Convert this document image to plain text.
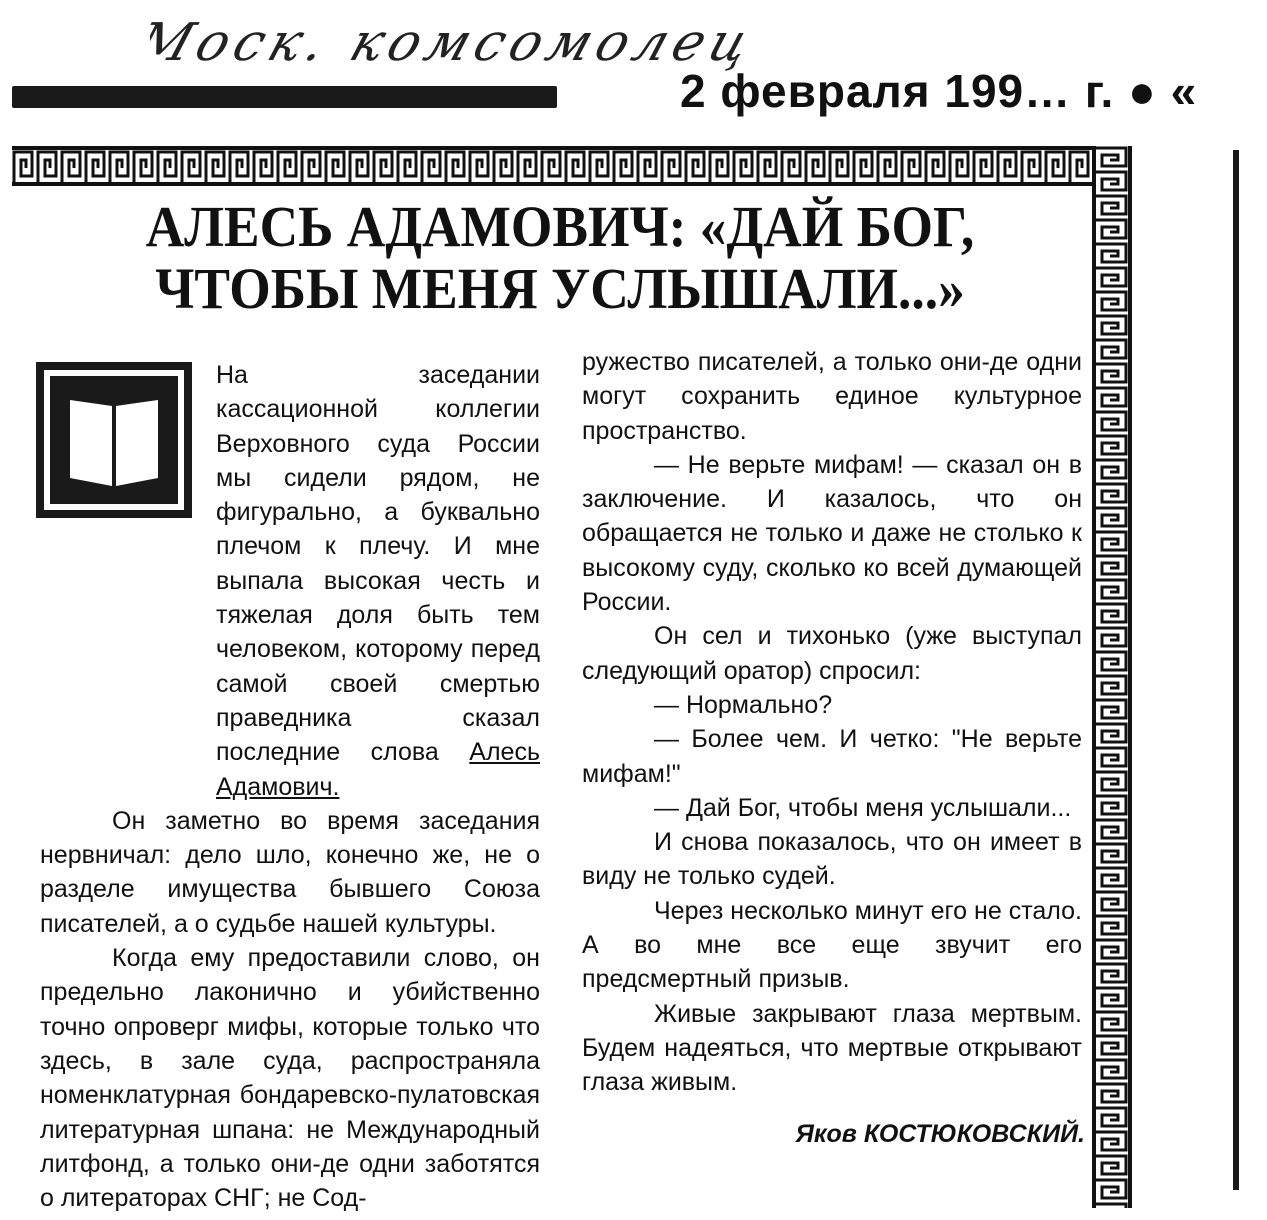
Моск. комсомолец
2 февраля 199… г. ● «
АЛЕСЬ АДАМОВИЧ: «ДАЙ БОГ,
ЧТОБЫ МЕНЯ УСЛЫШАЛИ...»

На заседании кассационной коллегии Верховного суда России мы сидели рядом, не фигурально, а буквально плечом к плечу. И мне выпала высокая честь и тяжелая доля быть тем человеком, которому перед самой своей смертью праведника сказал последние слова Алесь Адамович.

Он заметно во время заседания нервничал: дело шло, конечно же, не о разделе имущества бывшего Союза писателей, а о судьбе нашей культуры.

Когда ему предоставили слово, он предельно лаконично и убийственно точно опроверг мифы, которые только что здесь, в зале суда, распространяла номенклатурная бондаревско-пулатовская литературная шпана: не Международный литфонд, а только они-де одни заботятся о литераторах СНГ; не Сод-

ружество писателей, а только они-де одни могут сохранить единое культурное пространство.

— Не верьте мифам! — сказал он в заключение. И казалось, что он обращается не только и даже не столько к высокому суду, сколько ко всей думающей России.

Он сел и тихонько (уже выступал следующий оратор) спросил:

— Нормально?

— Более чем. И четко: "Не верьте мифам!"

— Дай Бог, чтобы меня услышали...

И снова показалось, что он имеет в виду не только судей.

Через несколько минут его не стало. А во мне все еще звучит его предсмертный призыв.

Живые закрывают глаза мертвым. Будем надеяться, что мертвые открывают глаза живым.

Яков КОСТЮКОВСКИЙ.
